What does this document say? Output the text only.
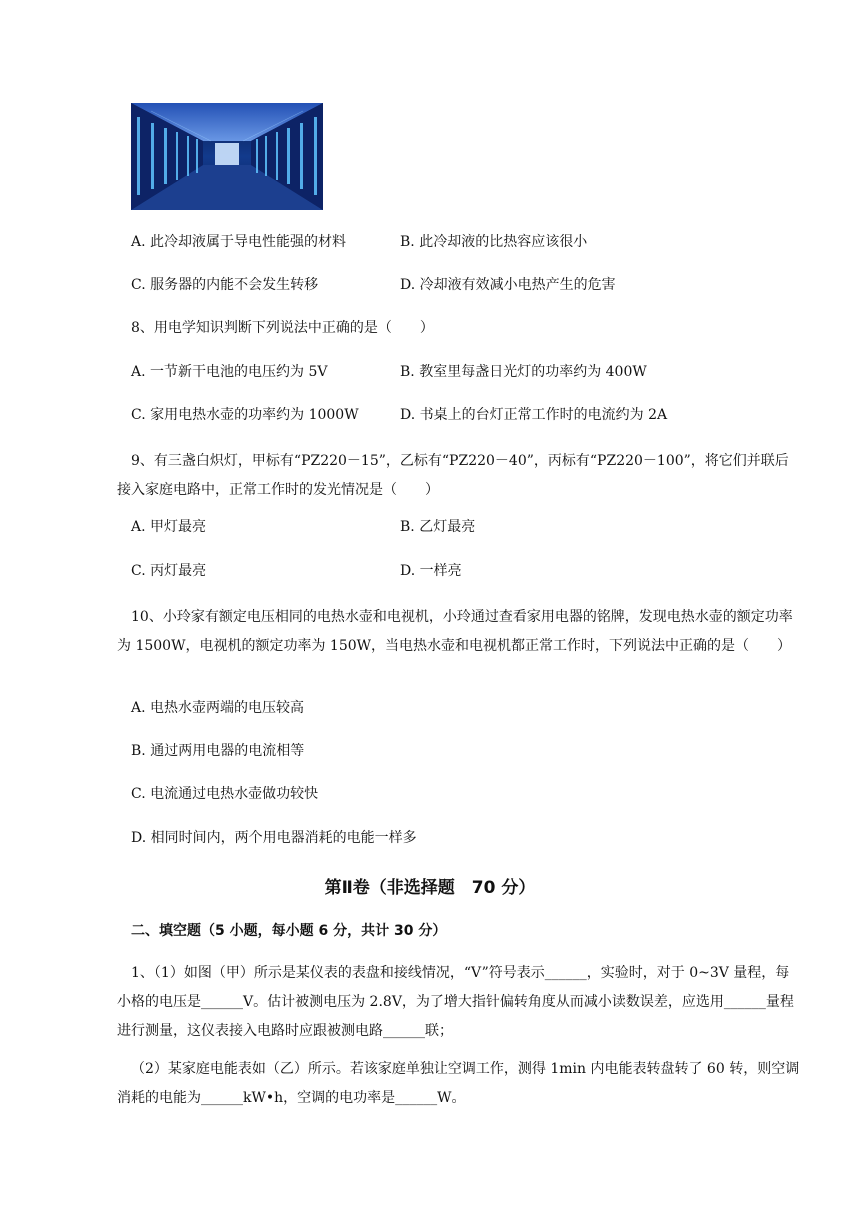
A. 此冷却液属于导电性能强的材料	B. 此冷却液的比热容应该很小
C. 服务器的内能不会发生转移	D. 冷却液有效减小电热产生的危害
8、用电学知识判断下列说法中正确的是（　　）
A. 一节新干电池的电压约为 5V	B. 教室里每盏日光灯的功率约为 400W
C. 家用电热水壶的功率约为 1000W	D. 书桌上的台灯正常工作时的电流约为 2A
9、有三盏白炽灯，甲标有“PZ220－15”，乙标有“PZ220－40”，丙标有“PZ220－100”，将它们并联后接入家庭电路中，正常工作时的发光情况是（　　）
A. 甲灯最亮	B. 乙灯最亮
C. 丙灯最亮	D. 一样亮
10、小玲家有额定电压相同的电热水壶和电视机，小玲通过查看家用电器的铭牌，发现电热水壶的额定功率为 1500W，电视机的额定功率为 150W，当电热水壶和电视机都正常工作时，下列说法中正确的是（　　）
A. 电热水壶两端的电压较高
B. 通过两用电器的电流相等
C. 电流通过电热水壶做功较快
D. 相同时间内，两个用电器消耗的电能一样多
第Ⅱ卷（非选择题　70 分）
二、填空题（5 小题，每小题 6 分，共计 30 分）
1、（1）如图（甲）所示是某仪表的表盘和接线情况，“V”符号表示______，实验时，对于 0~3V 量程，每小格的电压是______V。估计被测电压为 2.8V，为了增大指针偏转角度从而减小读数误差，应选用______量程进行测量，这仪表接入电路时应跟被测电路______联；
（2）某家庭电能表如（乙）所示。若该家庭单独让空调工作，测得 1min 内电能表转盘转了 60 转，则空调消耗的电能为______kW•h，空调的电功率是______W。
